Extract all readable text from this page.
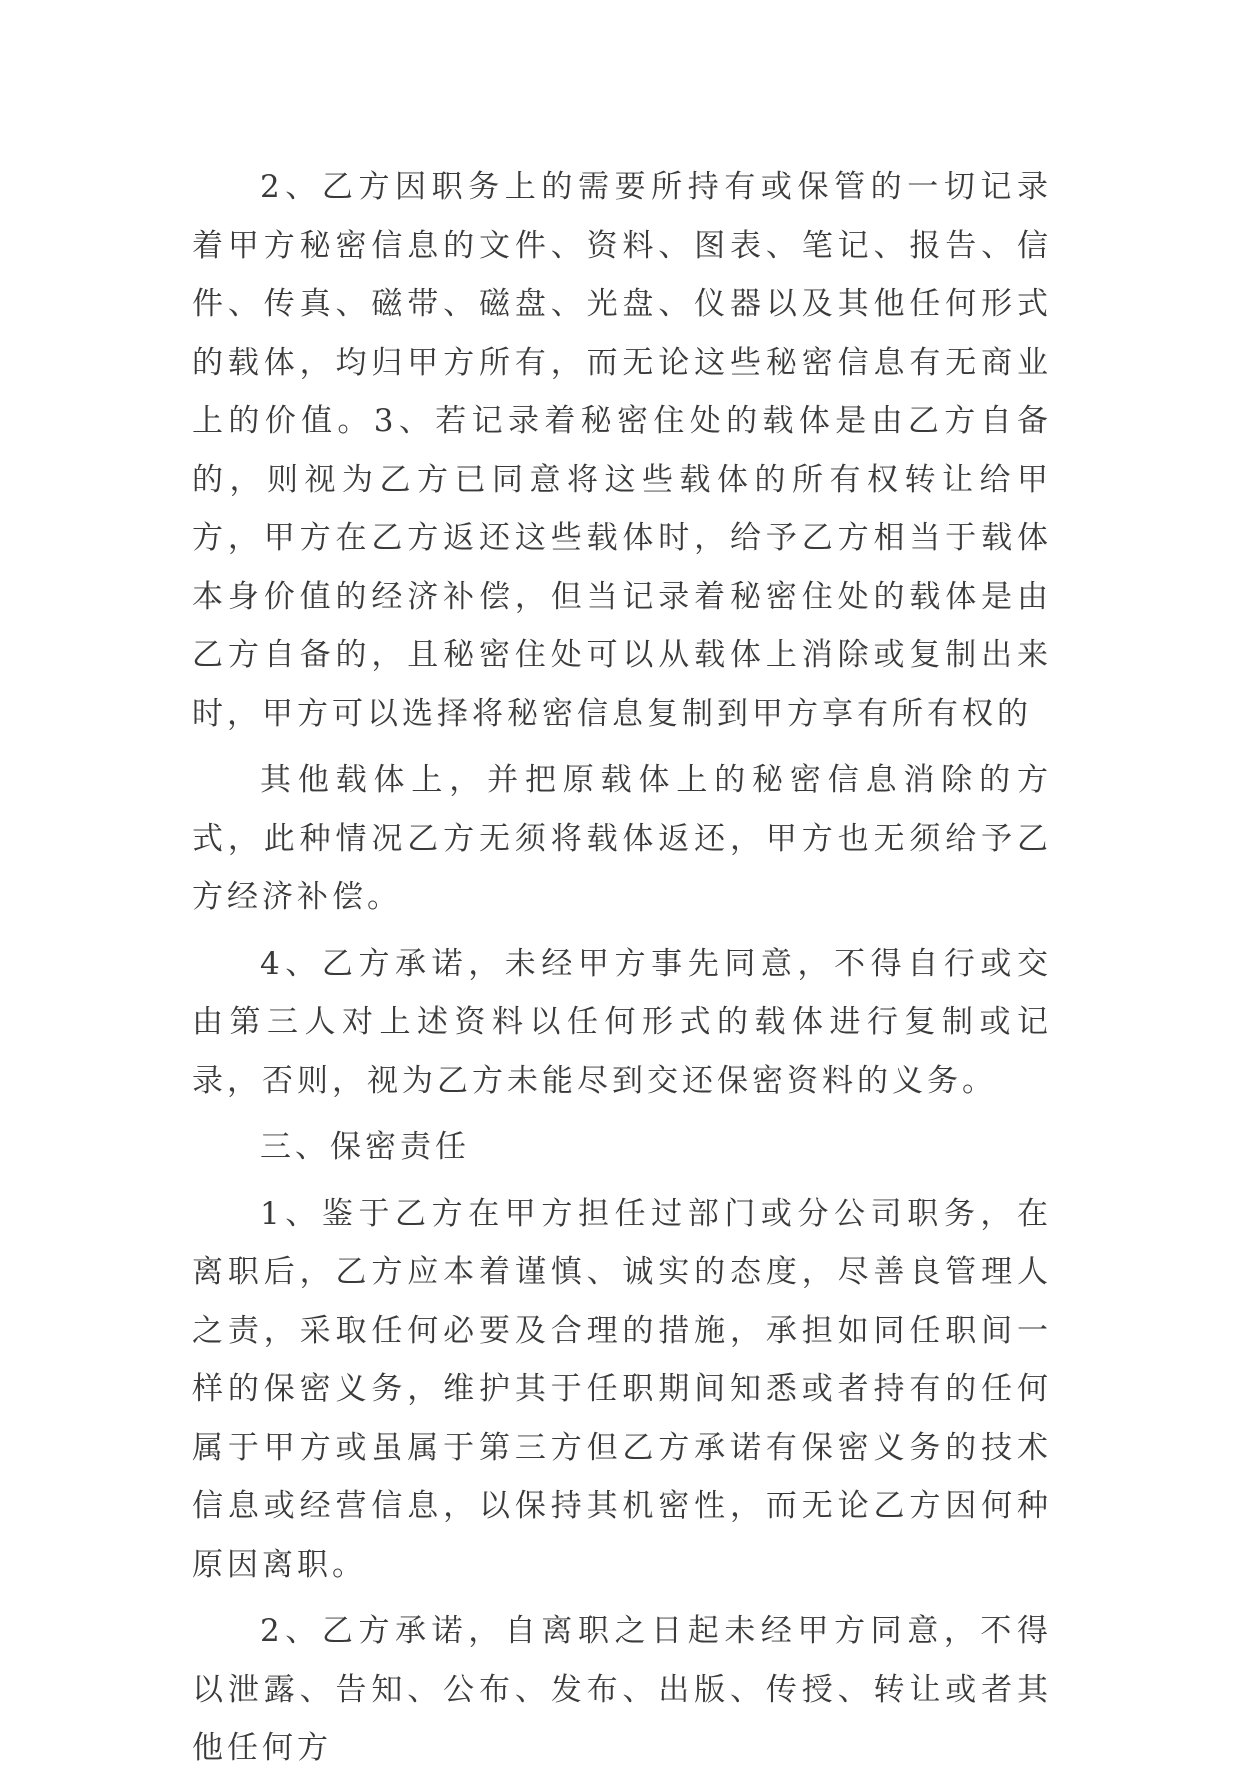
2、乙方因职务上的需要所持有或保管的一切记录着甲方秘密信息的文件、资料、图表、笔记、报告、信件、传真、磁带、磁盘、光盘、仪器以及其他任何形式的载体，均归甲方所有，而无论这些秘密信息有无商业上的价值。3、若记录着秘密住处的载体是由乙方自备的，则视为乙方已同意将这些载体的所有权转让给甲方，甲方在乙方返还这些载体时，给予乙方相当于载体本身价值的经济补偿，但当记录着秘密住处的载体是由乙方自备的，且秘密住处可以从载体上消除或复制出来时，甲方可以选择将秘密信息复制到甲方享有所有权的

其他载体上，并把原载体上的秘密信息消除的方式，此种情况乙方无须将载体返还，甲方也无须给予乙方经济补偿。

4、乙方承诺，未经甲方事先同意，不得自行或交由第三人对上述资料以任何形式的载体进行复制或记录，否则，视为乙方未能尽到交还保密资料的义务。

三、保密责任

1、鉴于乙方在甲方担任过部门或分公司职务，在离职后，乙方应本着谨慎、诚实的态度，尽善良管理人之责，采取任何必要及合理的措施，承担如同任职间一样的保密义务，维护其于任职期间知悉或者持有的任何属于甲方或虽属于第三方但乙方承诺有保密义务的技术信息或经营信息，以保持其机密性，而无论乙方因何种原因离职。

2、乙方承诺，自离职之日起未经甲方同意，不得以泄露、告知、公布、发布、出版、传授、转让或者其他任何方
